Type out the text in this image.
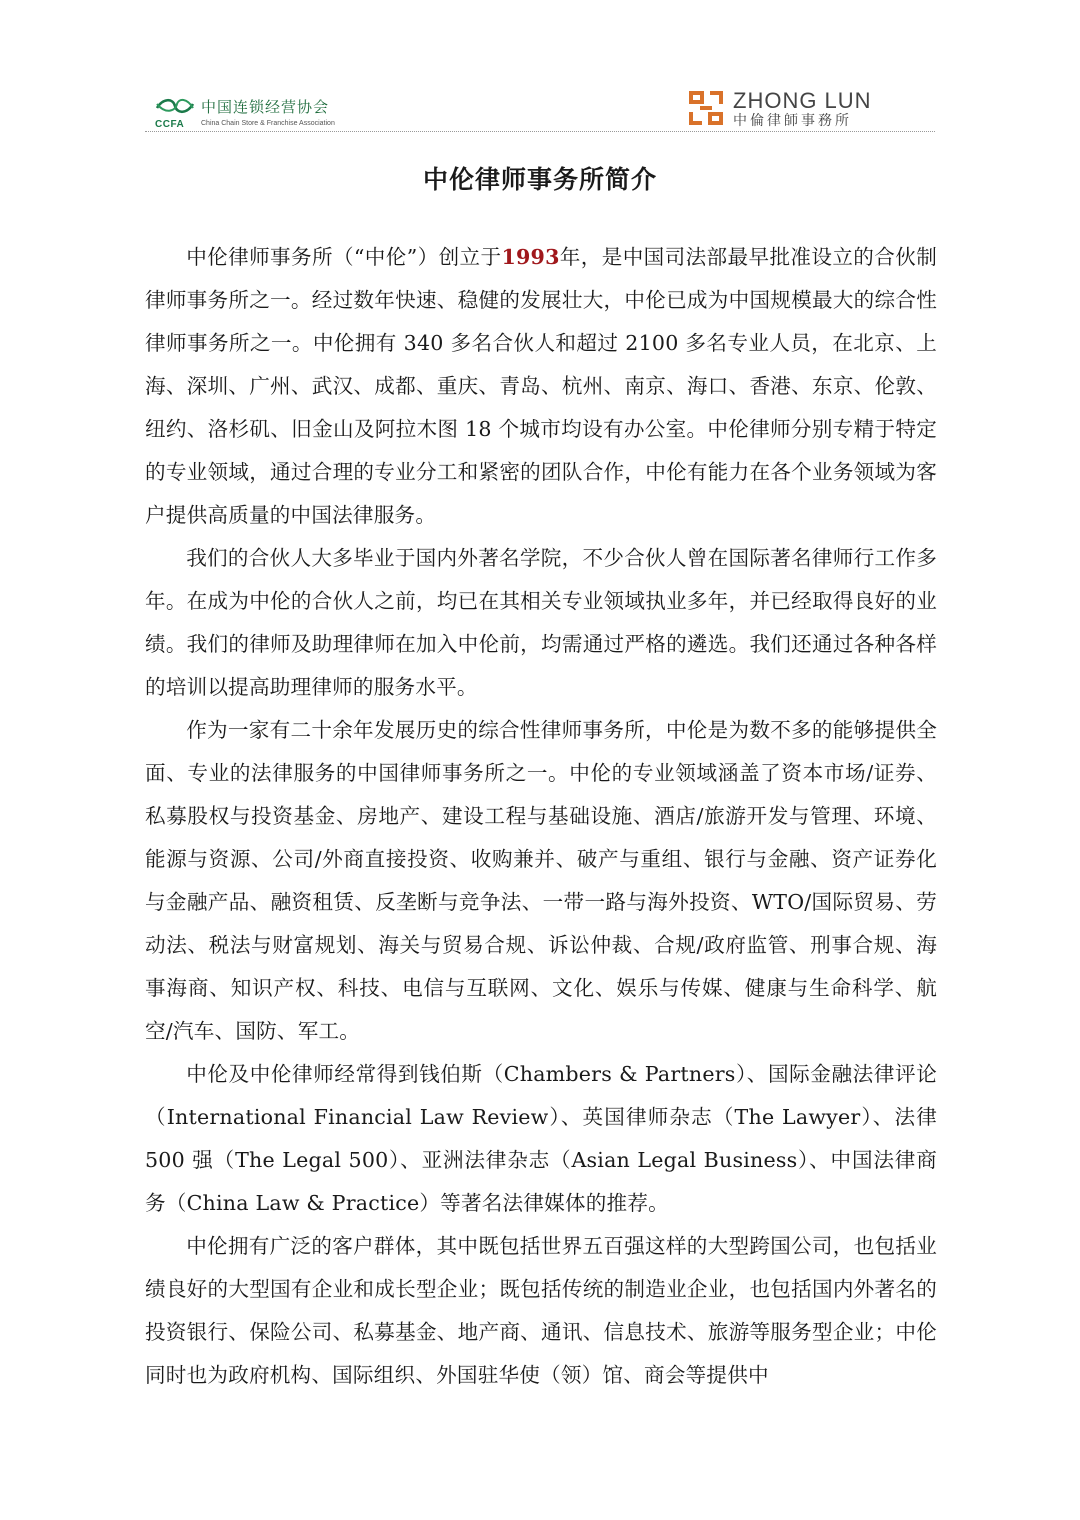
CCFA
中国连锁经营协会
China Chain Store & Franchise Association
ZHONG LUN
中倫律師事務所
中伦律师事务所简介

中伦律师事务所（“中伦”）创立于1993年，是中国司法部最早批准设立的合伙制律师事务所之一。经过数年快速、稳健的发展壮大，中伦已成为中国规模最大的综合性律师事务所之一。中伦拥有 340 多名合伙人和超过 2100 多名专业人员，在北京、上海、深圳、广州、武汉、成都、重庆、青岛、杭州、南京、海口、香港、东京、伦敦、纽约、洛杉矶、旧金山及阿拉木图 18 个城市均设有办公室。中伦律师分别专精于特定的专业领域，通过合理的专业分工和紧密的团队合作，中伦有能力在各个业务领域为客户提供高质量的中国法律服务。

我们的合伙人大多毕业于国内外著名学院，不少合伙人曾在国际著名律师行工作多年。在成为中伦的合伙人之前，均已在其相关专业领域执业多年，并已经取得良好的业绩。我们的律师及助理律师在加入中伦前，均需通过严格的遴选。我们还通过各种各样的培训以提高助理律师的服务水平。

作为一家有二十余年发展历史的综合性律师事务所，中伦是为数不多的能够提供全面、专业的法律服务的中国律师事务所之一。中伦的专业领域涵盖了资本市场/证券、私募股权与投资基金、房地产、建设工程与基础设施、酒店/旅游开发与管理、环境、能源与资源、公司/外商直接投资、收购兼并、破产与重组、银行与金融、资产证券化与金融产品、融资租赁、反垄断与竞争法、一带一路与海外投资、WTO/国际贸易、劳动法、税法与财富规划、海关与贸易合规、诉讼仲裁、合规/政府监管、刑事合规、海事海商、知识产权、科技、电信与互联网、文化、娱乐与传媒、健康与生命科学、航空/汽车、国防、军工。

中伦及中伦律师经常得到钱伯斯（Chambers & Partners）、国际金融法律评论（International Financial Law Review）、英国律师杂志（The Lawyer）、法律 500 强（The Legal 500）、亚洲法律杂志（Asian Legal Business）、中国法律商务（China Law & Practice）等著名法律媒体的推荐。

中伦拥有广泛的客户群体，其中既包括世界五百强这样的大型跨国公司，也包括业绩良好的大型国有企业和成长型企业；既包括传统的制造业企业，也包括国内外著名的投资银行、保险公司、私募基金、地产商、通讯、信息技术、旅游等服务型企业；中伦同时也为政府机构、国际组织、外国驻华使（领）馆、商会等提供中
